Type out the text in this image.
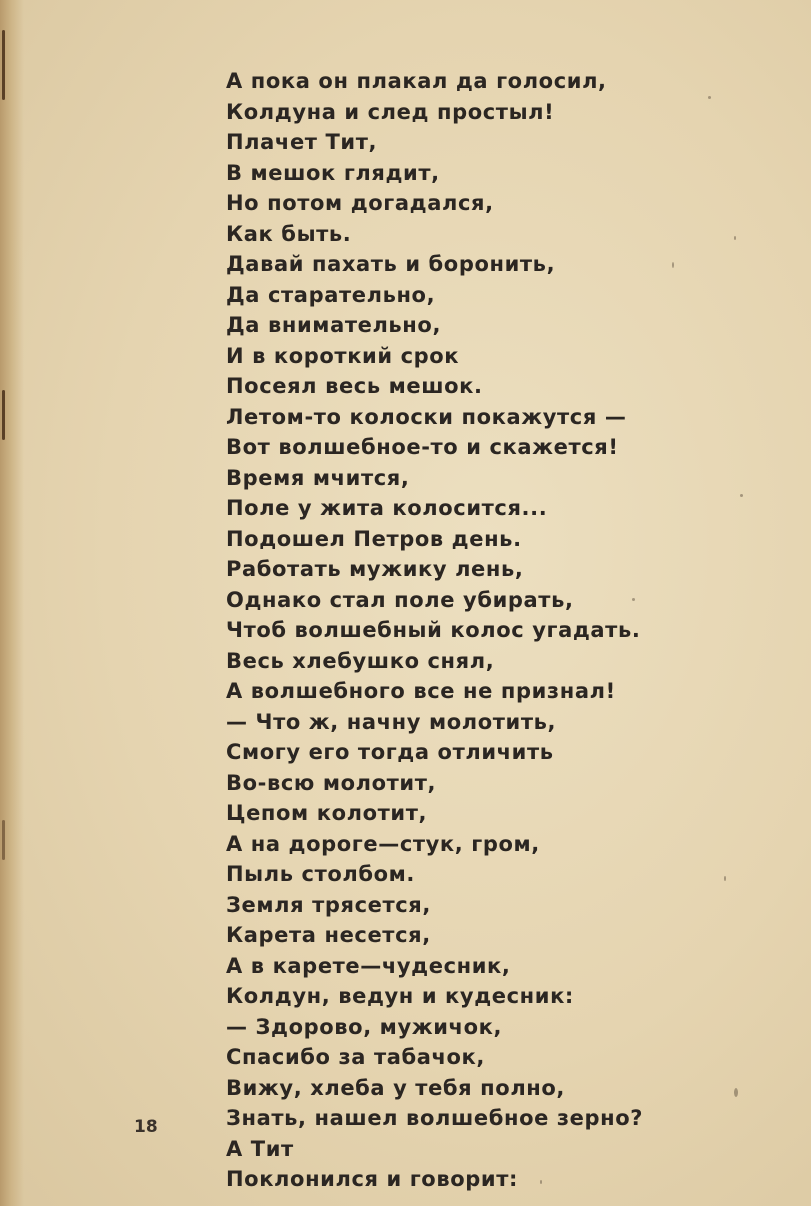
А пока он плакал да голосил,
Колдуна и след простыл!
Плачет Тит,
В мешок глядит,
Но потом догадался,
Как быть.
Давай пахать и боронить,
Да старательно,
Да внимательно,
И в короткий срок
Посеял весь мешок.
Летом-то колоски покажутся —
Вот волшебное-то и скажется!
Время мчится,
Поле у жита колосится...
Подошел Петров день.
Работать мужику лень,
Однако стал поле убирать,
Чтоб волшебный колос угадать.
Весь хлебушко снял,
А волшебного все не признал!
— Что ж, начну молотить,
Смогу его тогда отличить
Во-всю молотит,
Цепом колотит,
А на дороге—стук, гром,
Пыль столбом.
Земля трясется,
Карета несется,
А в карете—чудесник,
Колдун, ведун и кудесник:
— Здорово, мужичок,
Спасибо за табачок,
Вижу, хлеба у тебя полно,
Знать, нашел волшебное зерно?
А Тит
Поклонился и говорит:
18
